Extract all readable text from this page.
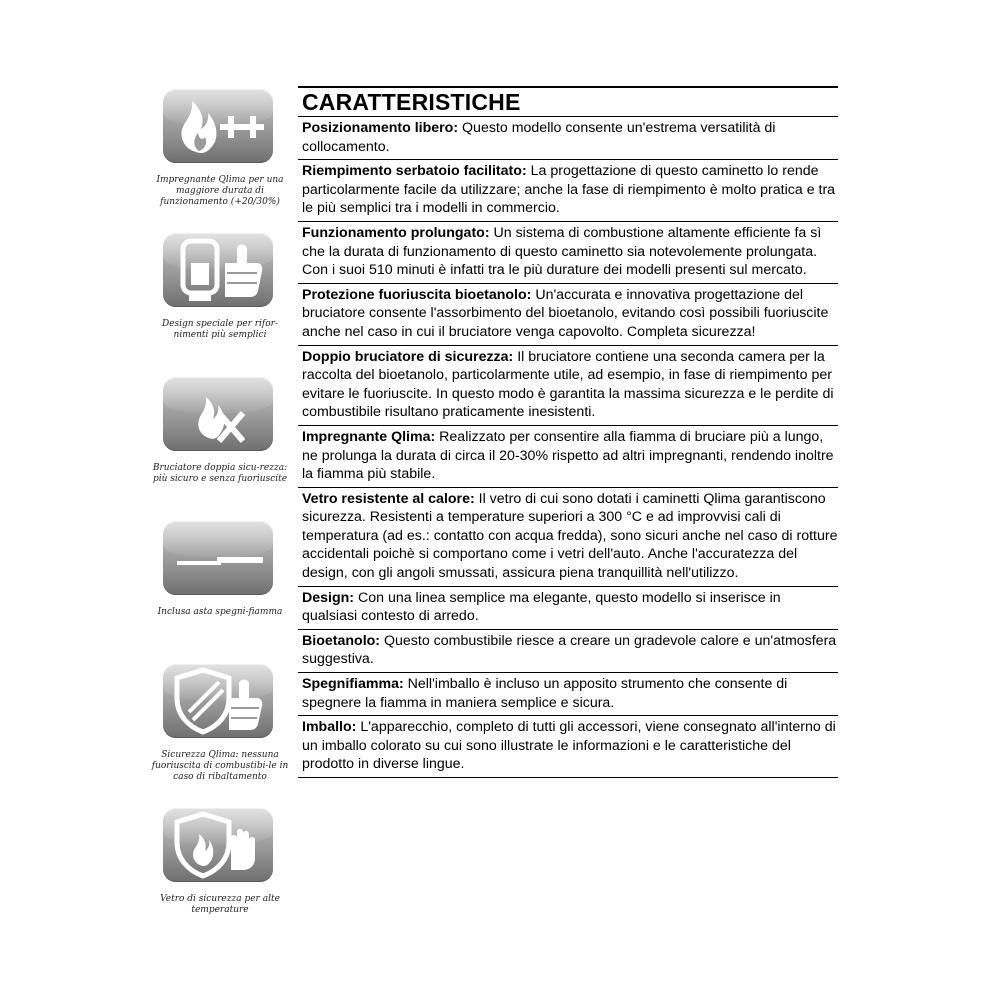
Impregnante Qlima per una maggiore durata di funzionamento (+20/30%)
Design speciale per rifor-nimenti più semplici
Bruciatore doppia sicu-rezza: più sicuro e senza fuoriuscite
Inclusa asta spegni-fiamma
Sicurezza Qlima: nessuna fuoriuscita di combustibi-le in caso di ribaltamento
Vetro di sicurezza per alte temperature
CARATTERISTICHE
Posizionamento libero: Questo modello consente un'estrema versatilità di collocamento.
Riempimento serbatoio facilitato: La progettazione di questo caminetto lo rende particolarmente facile da utilizzare; anche la fase di riempimento è molto pratica e tra le più semplici tra i modelli in commercio.
Funzionamento prolungato: Un sistema di combustione altamente efficiente fa sì che la durata di funzionamento di questo caminetto sia notevolemente prolungata. Con i suoi 510 minuti è infatti tra le più durature dei modelli presenti sul mercato.
Protezione fuoriuscita bioetanolo: Un'accurata e innovativa progettazione del bruciatore consente l'assorbimento del bioetanolo, evitando così possibili fuoriuscite anche nel caso in cui il bruciatore venga capovolto. Completa sicurezza!
Doppio bruciatore di sicurezza: Il bruciatore contiene una seconda camera per la raccolta del bioetanolo, particolarmente utile, ad esempio, in fase di riempimento per evitare le fuoriuscite. In questo modo è garantita la massima sicurezza e le perdite di combustibile risultano praticamente inesistenti.
Impregnante Qlima: Realizzato per consentire alla fiamma di bruciare più a lungo, ne prolunga la durata di circa il 20-30% rispetto ad altri impregnanti, rendendo inoltre la fiamma più stabile.
Vetro resistente al calore: Il vetro di cui sono dotati i caminetti Qlima garantiscono sicurezza. Resistenti a temperature superiori a 300 °C e ad improvvisi cali di temperatura (ad es.: contatto con acqua fredda), sono sicuri anche nel caso di rotture accidentali poichè si comportano come i vetri dell'auto. Anche l'accuratezza del design, con gli angoli smussati, assicura piena tranquillità nell'utilizzo.
Design: Con una linea semplice ma elegante, questo modello si inserisce in qualsiasi contesto di arredo.
Bioetanolo: Questo combustibile riesce a creare un gradevole calore e un'atmosfera suggestiva.
Spegnifiamma: Nell'imballo è incluso un apposito strumento che consente di spegnere la fiamma in maniera semplice e sicura.
Imballo: L'apparecchio, completo di tutti gli accessori, viene consegnato all'interno di un imballo colorato su cui sono illustrate le informazioni e le caratteristiche del prodotto in diverse lingue.
